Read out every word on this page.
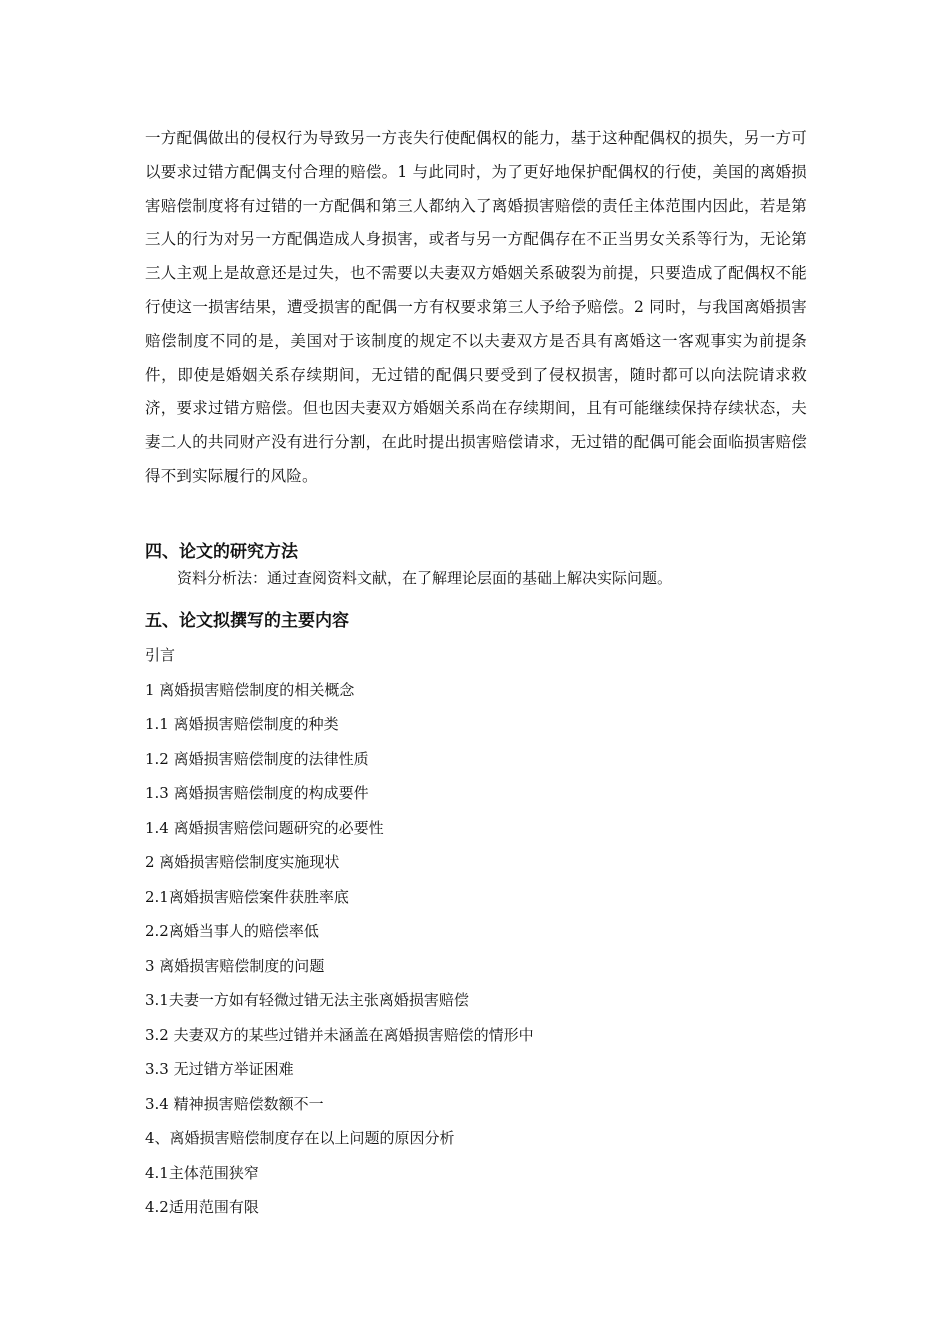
一方配偶做出的侵权行为导致另一方丧失行使配偶权的能力，基于这种配偶权的损失，另一方可以要求过错方配偶支付合理的赔偿。1 与此同时，为了更好地保护配偶权的行使，美国的离婚损害赔偿制度将有过错的一方配偶和第三人都纳入了离婚损害赔偿的责任主体范围内因此，若是第三人的行为对另一方配偶造成人身损害，或者与另一方配偶存在不正当男女关系等行为，无论第三人主观上是故意还是过失，也不需要以夫妻双方婚姻关系破裂为前提，只要造成了配偶权不能行使这一损害结果，遭受损害的配偶一方有权要求第三人予给予赔偿。2 同时，与我国离婚损害赔偿制度不同的是，美国对于该制度的规定不以夫妻双方是否具有离婚这一客观事实为前提条件，即使是婚姻关系存续期间，无过错的配偶只要受到了侵权损害，随时都可以向法院请求救济，要求过错方赔偿。但也因夫妻双方婚姻关系尚在存续期间，且有可能继续保持存续状态，夫妻二人的共同财产没有进行分割，在此时提出损害赔偿请求，无过错的配偶可能会面临损害赔偿得不到实际履行的风险。

四、论文的研究方法

资料分析法：通过查阅资料文献，在了解理论层面的基础上解决实际问题。

五、论文拟撰写的主要内容
引言
1 离婚损害赔偿制度的相关概念
1.1 离婚损害赔偿制度的种类
1.2 离婚损害赔偿制度的法律性质
1.3 离婚损害赔偿制度的构成要件
1.4 离婚损害赔偿问题研究的必要性
2 离婚损害赔偿制度实施现状
2.1离婚损害赔偿案件获胜率底
2.2离婚当事人的赔偿率低
3 离婚损害赔偿制度的问题
3.1夫妻一方如有轻微过错无法主张离婚损害赔偿
3.2 夫妻双方的某些过错并未涵盖在离婚损害赔偿的情形中
3.3 无过错方举证困难
3.4 精神损害赔偿数额不一
4、离婚损害赔偿制度存在以上问题的原因分析
4.1主体范围狭窄
4.2适用范围有限
